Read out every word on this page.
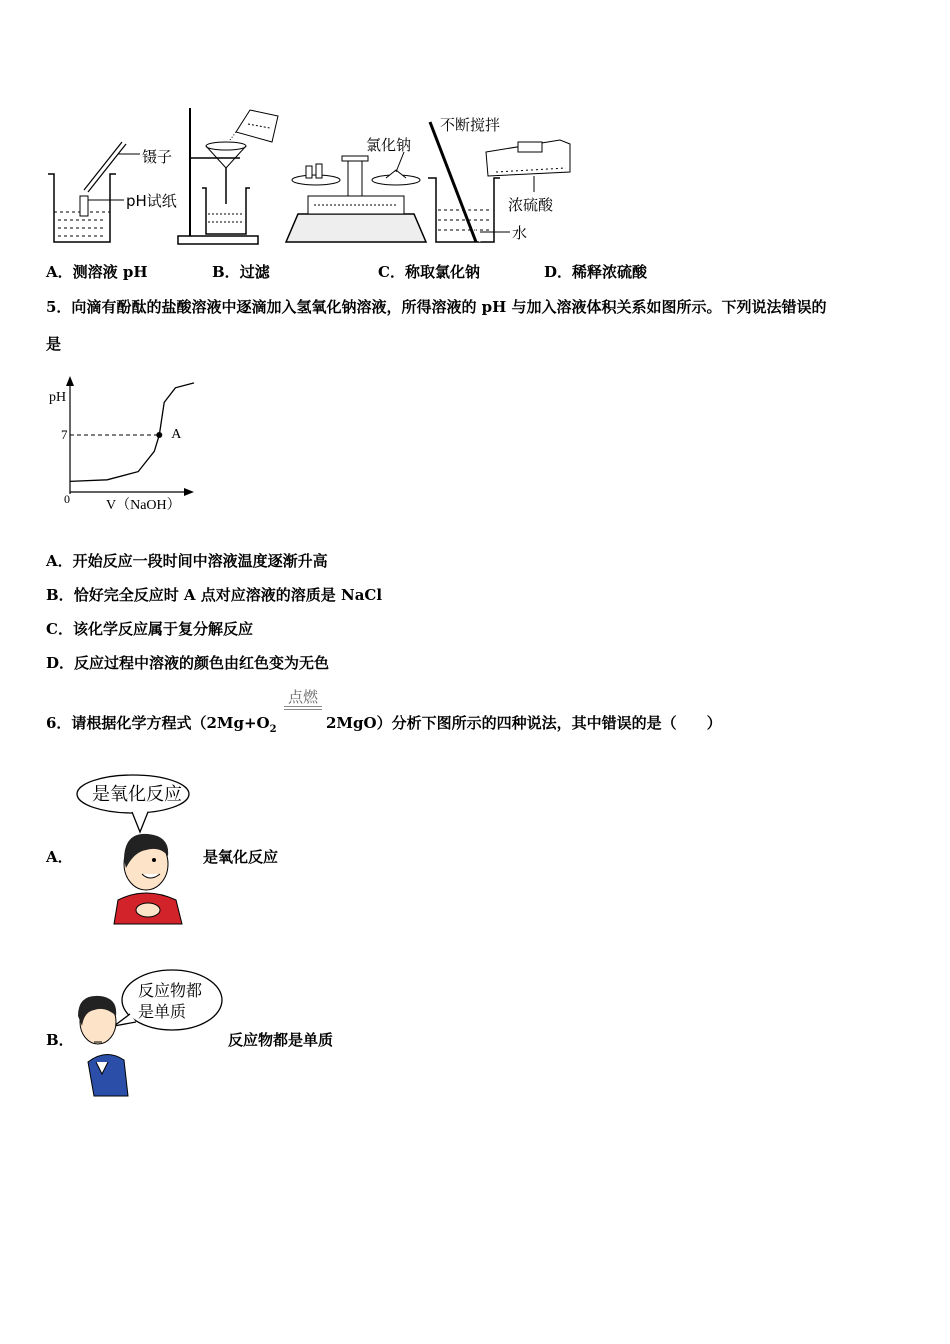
镊子
pH试纸
氯化钠
不断搅拌
浓硫酸
水
A．测溶液 pH	B．过滤	C．称取氯化钠	D．稀释浓硫酸
5．向滴有酚酞的盐酸溶液中逐滴加入氢氧化钠溶液，所得溶液的 pH 与加入溶液体积关系如图所示。下列说法错误的
是
pH
0	V（NaOH）
7	A
A．开始反应一段时间中溶液温度逐渐升高
B．恰好完全反应时 A 点对应溶液的溶质是 NaCl
C．该化学反应属于复分解反应
D．反应过程中溶液的颜色由红色变为无色
6．请根据化学方程式（$2Mg+O_2$
点燃
2MgO）分析下图所示的四种说法，其中错误的是（　　）
A．
是氧化反应
是氧化反应
B．
反应物都
是单质
反应物都是单质
